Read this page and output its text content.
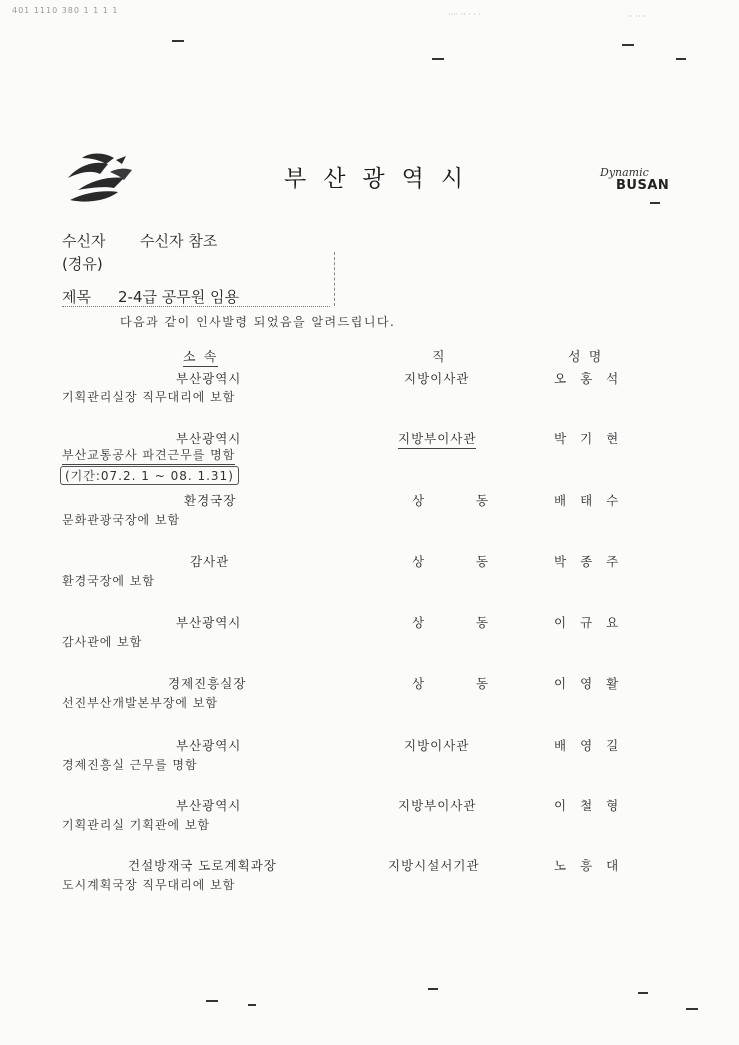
401 1110 380 1 1 1 1	···· ·· · · ·	·· ····
부산광역시	Dynamic
BUSAN
수신자 수신자 참조
(경유)
제목 2-4급 공무원 임용
다음과 같이 인사발령 되었음을 알려드립니다.
소 속	직	성 명
부산광역시	지방이사관	오홍석
기획관리실장 직무대리에 보함
부산광역시	지방부이사관	박기현
부산교통공사 파견근무를 명함
(기간:07.2. 1 ~ 08. 1.31)
환경국장	상 동	배태수
문화관광국장에 보함
감사관	상 동	박종주
환경국장에 보함
부산광역시	상 동	이규요
감사관에 보함
경제진흥실장	상 동	이영활
선진부산개발본부장에 보함
부산광역시	지방이사관	배영길
경제진흥실 근무를 명함
부산광역시	지방부이사관	이철형
기획관리실 기획관에 보함
건설방재국 도로계획과장	지방시설서기관	노흥대
도시계획국장 직무대리에 보함
